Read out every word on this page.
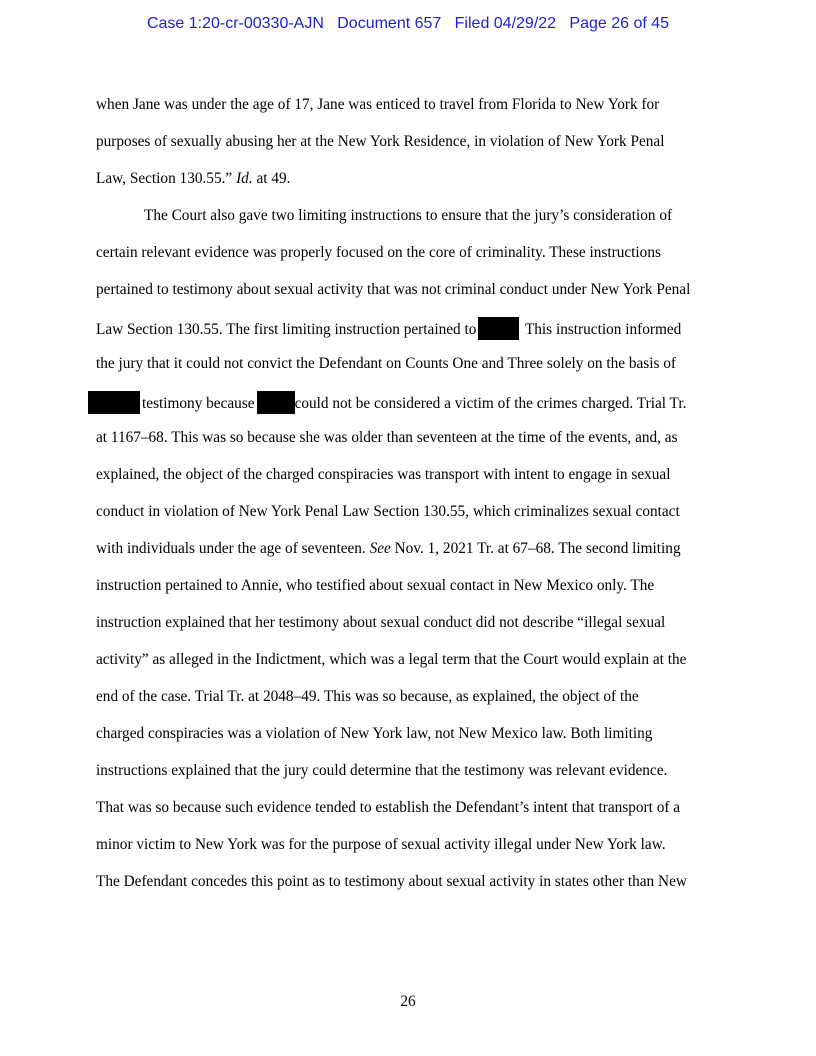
Case 1:20-cr-00330-AJN Document 657 Filed 04/29/22 Page 26 of 45
when Jane was under the age of 17, Jane was enticed to travel from Florida to New York for
purposes of sexually abusing her at the New York Residence, in violation of New York Penal
Law, Section 130.55.” Id. at 49.
The Court also gave two limiting instructions to ensure that the jury’s consideration of
certain relevant evidence was properly focused on the core of criminality. These instructions
pertained to testimony about sexual activity that was not criminal conduct under New York Penal
Law Section 130.55. The first limiting instruction pertained to	This instruction informed
the jury that it could not convict the Defendant on Counts One and Three solely on the basis of
testimony because	could not be considered a victim of the crimes charged. Trial Tr.
at 1167–68. This was so because she was older than seventeen at the time of the events, and, as
explained, the object of the charged conspiracies was transport with intent to engage in sexual
conduct in violation of New York Penal Law Section 130.55, which criminalizes sexual contact
with individuals under the age of seventeen. See Nov. 1, 2021 Tr. at 67–68. The second limiting
instruction pertained to Annie, who testified about sexual contact in New Mexico only. The
instruction explained that her testimony about sexual conduct did not describe “illegal sexual
activity” as alleged in the Indictment, which was a legal term that the Court would explain at the
end of the case. Trial Tr. at 2048–49. This was so because, as explained, the object of the
charged conspiracies was a violation of New York law, not New Mexico law. Both limiting
instructions explained that the jury could determine that the testimony was relevant evidence.
That was so because such evidence tended to establish the Defendant’s intent that transport of a
minor victim to New York was for the purpose of sexual activity illegal under New York law.
The Defendant concedes this point as to testimony about sexual activity in states other than New
26
